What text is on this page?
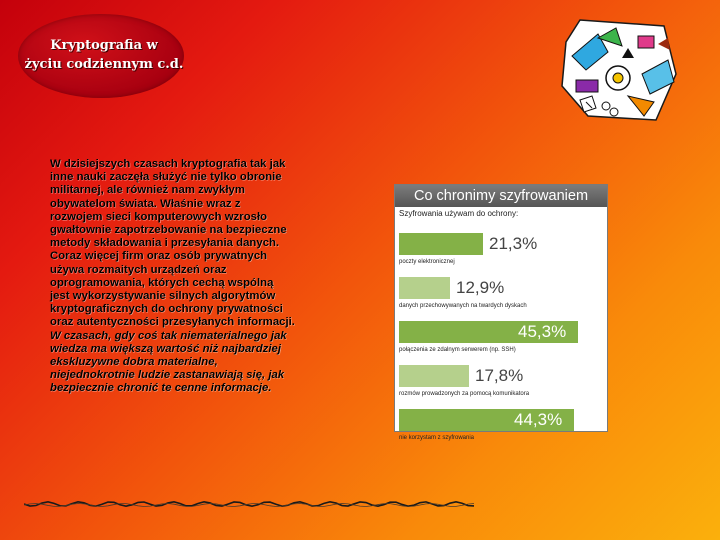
Kryptografia w
życiu codziennym c.d.

W dzisiejszych czasach kryptografia tak jak inne nauki zaczęła służyć nie tylko obronie militarnej, ale również nam zwykłym obywatelom świata. Właśnie wraz z rozwojem sieci komputerowych wzrosło gwałtownie zapotrzebowanie na bezpieczne metody składowania i przesyłania danych. Coraz więcej firm oraz osób prywatnych używa rozmaitych urządzeń oraz oprogramowania, których cechą wspólną jest wykorzystywanie silnych algorytmów kryptograficznych do ochrony prywatności oraz autentyczności przesyłanych informacji.

W czasach, gdy coś tak niematerialnego jak wiedza ma większą wartość niż najbardziej ekskluzywne dobra materialne, niejednokrotnie ludzie zastanawiają się, jak bezpiecznie chronić te cenne informacje.

Co chronimy szyfrowaniem
Szyfrowania używam do ochrony:
21,3%
poczty elektronicznej
12,9%
danych przechowywanych na twardych dyskach
45,3%
połączenia ze zdalnym serwerem (np. SSH)
17,8%
rozmów prowadzonych za pomocą komunikatora
44,3%
nie korzystam z szyfrowania
